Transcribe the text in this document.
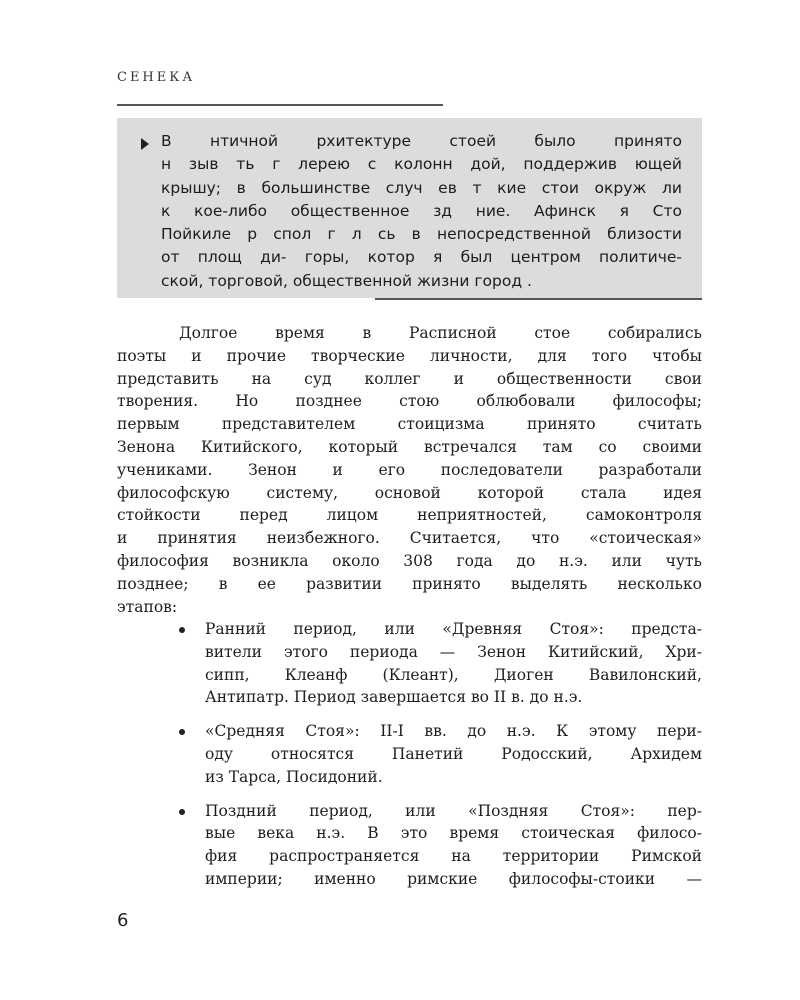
СЕНЕКА
В нтичной рхитектуре стоей было принято
н зыв ть г лерею с колонн дой, поддержив ющей
крышу; в большинстве случ ев т кие стои окруж ли
к кое-либо общественное зд ние. Афинск я Сто
Пойкиле р спол г л сь в непосредственной близости
от площ ди- горы, котор я был центром политиче-
ской, торговой, общественной жизни город .
Долгое время в Расписной стое собирались
поэты и прочие творческие личности, для того чтобы
представить на суд коллег и общественности свои
творения. Но позднее стою облюбовали философы;
первым представителем стоицизма принято считать
Зенона Китийского, который встречался там со своими
учениками. Зенон и его последователи разработали
философскую систему, основой которой стала идея
стойкости перед лицом неприятностей, самоконтроля
и принятия неизбежного. Считается, что «стоическая»
философия возникла около 308 года до н.э. или чуть
позднее; в ее развитии принято выделять несколько
этапов:
Ранний период, или «Древняя Стоя»: предста-
вители этого периода — Зенон Китийский, Хри-
сипп, Клеанф (Клеант), Диоген Вавилонский,
Антипатр. Период завершается во II в. до н.э.
«Средняя Стоя»: II-I вв. до н.э. К этому пери-
оду относятся Панетий Родосский, Архидем
из Тарса, Посидоний.
Поздний период, или «Поздняя Стоя»: пер-
вые века н.э. В это время стоическая филосо-
фия распространяется на территории Римской
империи; именно римские философы-стоики —
6
